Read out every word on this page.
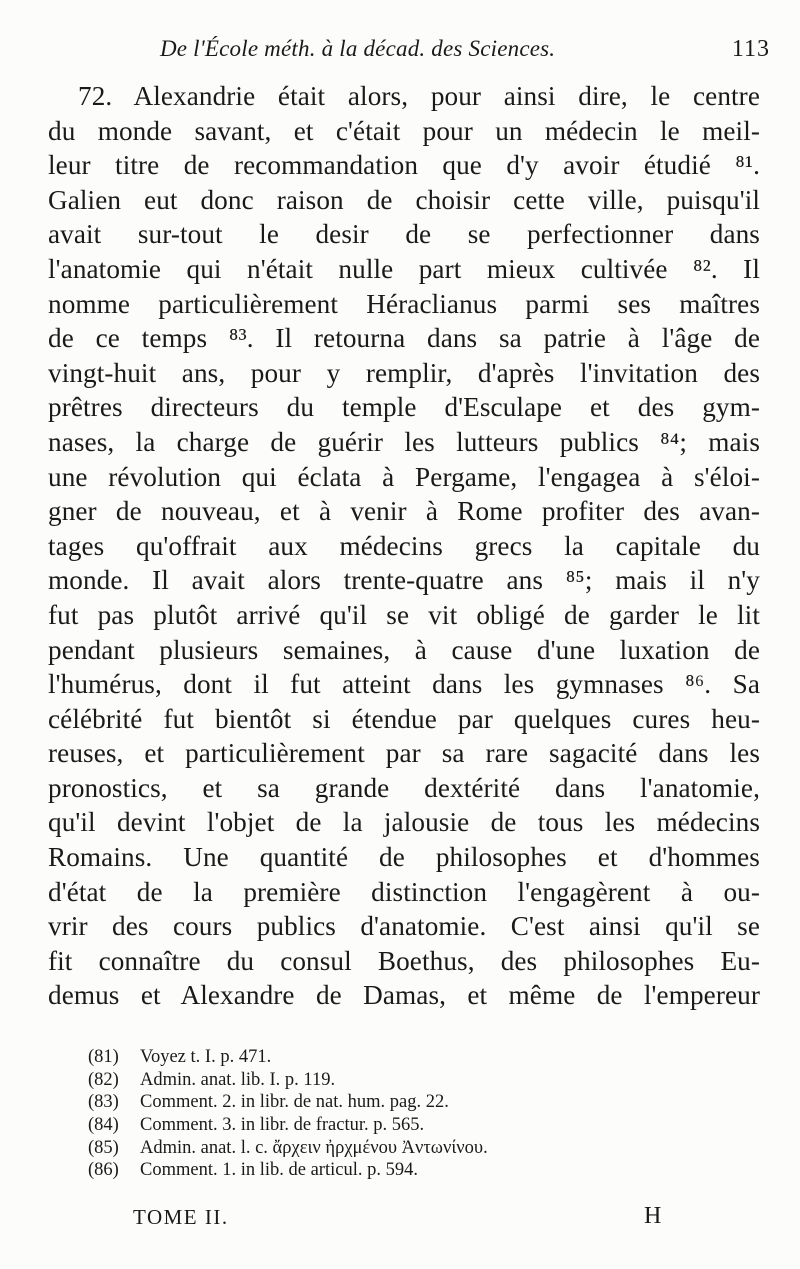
De l'École méth. à la décad. des Sciences.	113
72. Alexandrie était alors, pour ainsi dire, le centre
du monde savant, et c'était pour un médecin le meil-
leur titre de recommandation que d'y avoir étudié ⁸¹.
Galien eut donc raison de choisir cette ville, puisqu'il
avait sur-tout le desir de se perfectionner dans
l'anatomie qui n'était nulle part mieux cultivée ⁸². Il
nomme particulièrement Héraclianus parmi ses maîtres
de ce temps ⁸³. Il retourna dans sa patrie à l'âge de
vingt-huit ans, pour y remplir, d'après l'invitation des
prêtres directeurs du temple d'Esculape et des gym-
nases, la charge de guérir les lutteurs publics ⁸⁴; mais
une révolution qui éclata à Pergame, l'engagea à s'éloi-
gner de nouveau, et à venir à Rome profiter des avan-
tages qu'offrait aux médecins grecs la capitale du
monde. Il avait alors trente-quatre ans ⁸⁵; mais il n'y
fut pas plutôt arrivé qu'il se vit obligé de garder le lit
pendant plusieurs semaines, à cause d'une luxation de
l'humérus, dont il fut atteint dans les gymnases ⁸⁶. Sa
célébrité fut bientôt si étendue par quelques cures heu-
reuses, et particulièrement par sa rare sagacité dans les
pronostics, et sa grande dextérité dans l'anatomie,
qu'il devint l'objet de la jalousie de tous les médecins
Romains. Une quantité de philosophes et d'hommes
d'état de la première distinction l'engagèrent à ou-
vrir des cours publics d'anatomie. C'est ainsi qu'il se
fit connaître du consul Boethus, des philosophes Eu-
demus et Alexandre de Damas, et même de l'empereur
(81) Voyez t. I. p. 471.
(82) Admin. anat. lib. I. p. 119.
(83) Comment. 2. in libr. de nat. hum. pag. 22.
(84) Comment. 3. in libr. de fractur. p. 565.
(85) Admin. anat. l. c. ἄρχειν ἠρχμένου Ἀντωνίνου.
(86) Comment. 1. in lib. de articul. p. 594.
TOME II.	H
